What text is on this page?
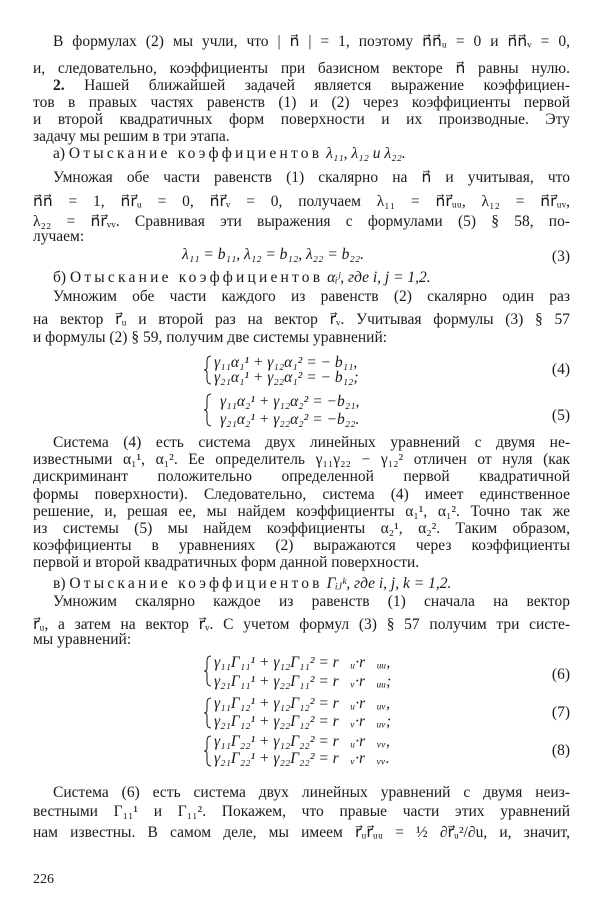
В формулах (2) мы учли, что | n⃗ | = 1, поэтому n⃗n⃗ᵤ = 0 и n⃗n⃗ᵥ = 0,
и, следовательно, коэффициенты при базисном векторе n⃗ равны нулю.
2. Нашей ближайшей задачей является выражение коэффициен-
тов в правых частях равенств (1) и (2) через коэффициенты первой
и второй квадратичных форм поверхности и их производные. Эту
задачу мы решим в три этапа.
а) Отыскание коэффициентов λ₁₁, λ₁₂ и λ₂₂.
Умножая обе части равенств (1) скалярно на n⃗ и учитывая, что
n⃗n⃗ = 1, n⃗r⃗ᵤ = 0, n⃗r⃗ᵥ = 0, получаем λ₁₁ = n⃗r⃗ᵤᵤ, λ₁₂ = n⃗r⃗ᵤᵥ,
λ₂₂ = n⃗r⃗ᵥᵥ. Сравнивая эти выражения с формулами (5) § 58, по-
лучаем:
λ₁₁ = b₁₁, λ₁₂ = b₁₂, λ₂₂ = b₂₂.	(3)
б) Отыскание коэффициентов αᵢʲ, где i, j = 1,2.
Умножим обе части каждого из равенств (2) скалярно один раз
на вектор r⃗ᵤ и второй раз на вектор r⃗ᵥ. Учитывая формулы (3) § 57
и формулы (2) § 59, получим две системы уравнений:
γ₁₁α₁¹ + γ₁₂α₁² = − b₁₁,
γ₂₁α₁¹ + γ₂₂α₁² = − b₁₂;	(4)
γ₁₁α₂¹ + γ₁₂α₂² = −b₂₁,
γ₂₁α₂¹ + γ₂₂α₂² = −b₂₂.	(5)
Система (4) есть система двух линейных уравнений с двумя не-
известными α₁¹, α₁². Ее определитель γ₁₁γ₂₂ − γ₁₂² отличен от нуля (как
дискриминант положительно определенной первой квадратичной
формы поверхности). Следовательно, система (4) имеет единственное
решение, и, решая ее, мы найдем коэффициенты α₁¹, α₁². Точно так же
из системы (5) мы найдем коэффициенты α₂¹, α₂². Таким образом,
коэффициенты в уравнениях (2) выражаются через коэффициенты
первой и второй квадратичных форм данной поверхности.
в) Отыскание коэффициентов Γᵢⱼᵏ, где i, j, k = 1,2.
Умножим скалярно каждое из равенств (1) сначала на вектор
r⃗ᵤ, а затем на вектор r⃗ᵥ. С учетом формул (3) § 57 получим три систе-
мы уравнений:
γ₁₁Γ₁₁¹ + γ₁₂Γ₁₁² = r⃗ᵤ·r⃗ᵤᵤ,
γ₂₁Γ₁₁¹ + γ₂₂Γ₁₁² = r⃗ᵥ·r⃗ᵤᵤ;	(6)
γ₁₁Γ₁₂¹ + γ₁₂Γ₁₂² = r⃗ᵤ·r⃗ᵤᵥ,
γ₂₁Γ₁₂¹ + γ₂₂Γ₁₂² = r⃗ᵥ·r⃗ᵤᵥ;
(7)
γ₁₁Γ₂₂¹ + γ₁₂Γ₂₂² = r⃗ᵤ·r⃗ᵥᵥ,
γ₂₁Γ₂₂¹ + γ₂₂Γ₂₂² = r⃗ᵥ·r⃗ᵥᵥ.	(8)
Система (6) есть система двух линейных уравнений с двумя неиз-
вестными Γ₁₁¹ и Γ₁₁². Покажем, что правые части этих уравнений
нам известны. В самом деле, мы имеем r⃗ᵤr⃗ᵤᵤ = ½ ∂r⃗ᵤ²/∂u, и, значит,
226
